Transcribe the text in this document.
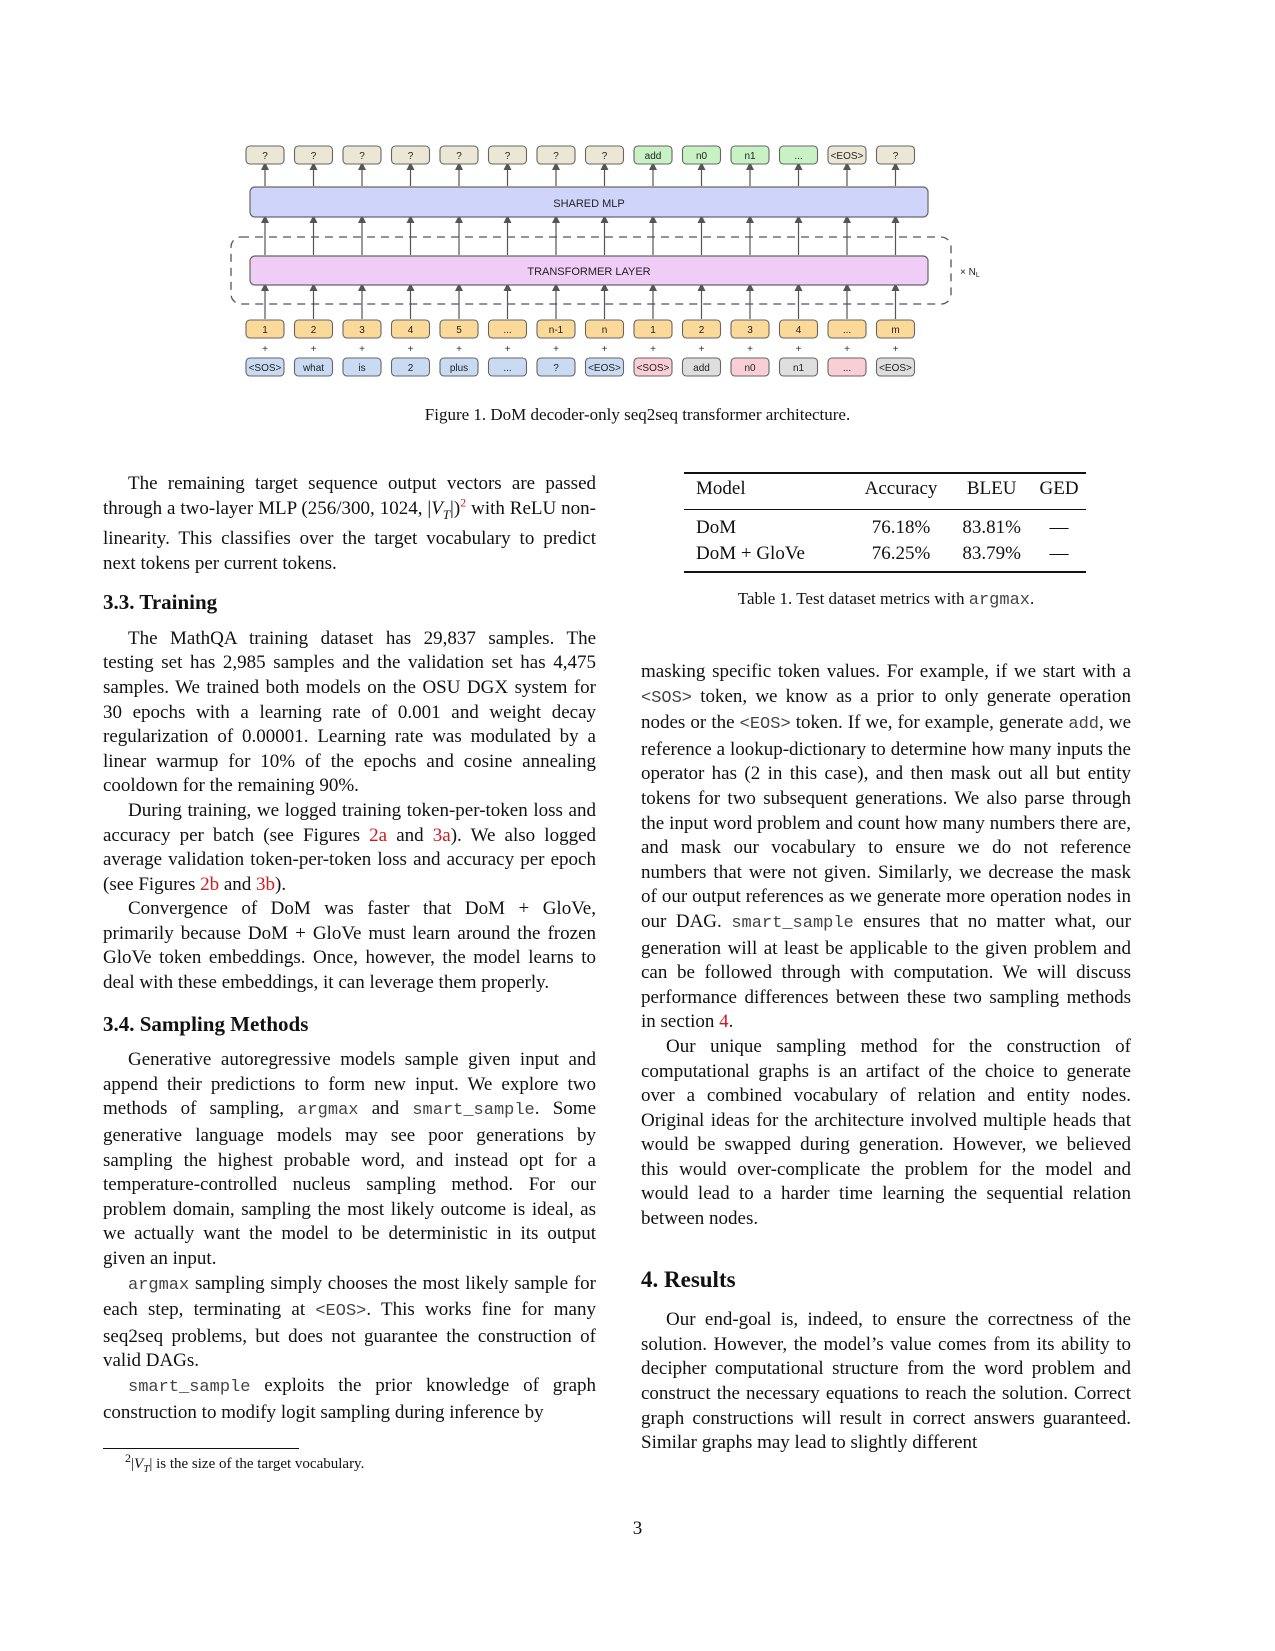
SHARED MLP
TRANSFORMER LAYER	× $N_L$
?	?	?	?	?	?	?	?	add	n0	n1	...	<EOS>	?
1	2	3	4	5	...	n-1	n	1	2	3	4	...	m
+	+	+	+	+	+	+	+	+	+	+	+	+	+
<SOS> what	is	2	plus	...	?	<EOS> <SOS> add	n0	n1	...	<EOS>
Figure 1. DoM decoder-only seq2seq transformer architecture.

The remaining target sequence output vectors are passed through a two-layer MLP (256/300, 1024, $|V_T|)^2$ with ReLU non-linearity. This classifies over the target vocabulary to predict next tokens per current tokens.

3.3. Training

The MathQA training dataset has 29,837 samples. The testing set has 2,985 samples and the validation set has 4,475 samples. We trained both models on the OSU DGX system for 30 epochs with a learning rate of 0.001 and weight decay regularization of 0.00001. Learning rate was modulated by a linear warmup for 10% of the epochs and cosine annealing cooldown for the remaining 90%.

During training, we logged training token-per-token loss and accuracy per batch (see Figures 2a and 3a). We also logged average validation token-per-token loss and accuracy per epoch (see Figures 2b and 3b).

Convergence of DoM was faster that DoM + GloVe, primarily because DoM + GloVe must learn around the frozen GloVe token embeddings. Once, however, the model learns to deal with these embeddings, it can leverage them properly.

3.4. Sampling Methods

Generative autoregressive models sample given input and append their predictions to form new input. We explore two methods of sampling, argmax and smart_sample. Some generative language models may see poor generations by sampling the highest probable word, and instead opt for a temperature-controlled nucleus sampling method. For our problem domain, sampling the most likely outcome is ideal, as we actually want the model to be deterministic in its output given an input.

argmax sampling simply chooses the most likely sample for each step, terminating at <EOS>. This works fine for many seq2seq problems, but does not guarantee the construction of valid DAGs.

smart_sample exploits the prior knowledge of graph construction to modify logit sampling during inference by

$^2|V_T|$ is the size of the target vocabulary.
Model	Accuracy	BLEU	GED
DoM	76.18%	83.81%	—
DoM + GloVe	76.25%	83.79%	—
Table 1. Test dataset metrics with argmax.

masking specific token values. For example, if we start with a <SOS> token, we know as a prior to only generate operation nodes or the <EOS> token. If we, for example, generate add, we reference a lookup-dictionary to determine how many inputs the operator has (2 in this case), and then mask out all but entity tokens for two subsequent generations. We also parse through the input word problem and count how many numbers there are, and mask our vocabulary to ensure we do not reference numbers that were not given. Similarly, we decrease the mask of our output references as we generate more operation nodes in our DAG. smart_sample ensures that no matter what, our generation will at least be applicable to the given problem and can be followed through with computation. We will discuss performance differences between these two sampling methods in section 4.

Our unique sampling method for the construction of computational graphs is an artifact of the choice to generate over a combined vocabulary of relation and entity nodes. Original ideas for the architecture involved multiple heads that would be swapped during generation. However, we believed this would over-complicate the problem for the model and would lead to a harder time learning the sequential relation between nodes.

4. Results

Our end-goal is, indeed, to ensure the correctness of the solution. However, the model’s value comes from its ability to decipher computational structure from the word problem and construct the necessary equations to reach the solution. Correct graph constructions will result in correct answers guaranteed. Similar graphs may lead to slightly different

3
